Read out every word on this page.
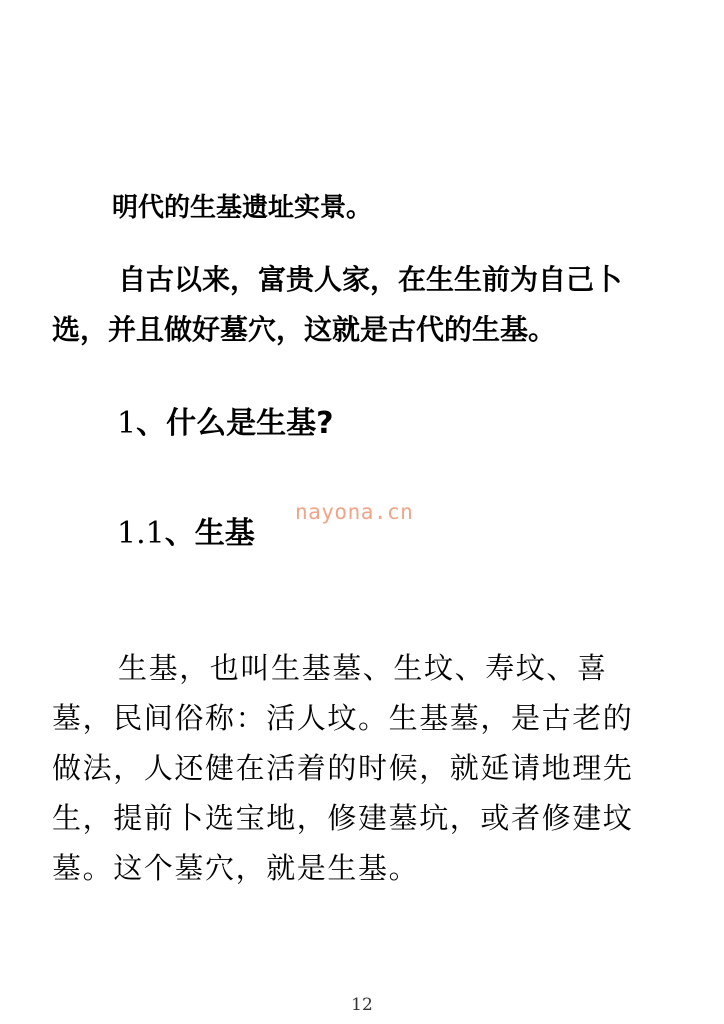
明代的生基遗址实景。
自古以来，富贵人家，在生生前为自己卜
选，并且做好墓穴，这就是古代的生基。
1、什么是生基?
nayona.cn
1.1、生基
生基，也叫生基墓、生坟、寿坟、喜
墓，民间俗称：活人坟。生基墓，是古老的
做法，人还健在活着的时候，就延请地理先
生，提前卜选宝地，修建墓坑，或者修建坟
墓。这个墓穴，就是生基。
12
